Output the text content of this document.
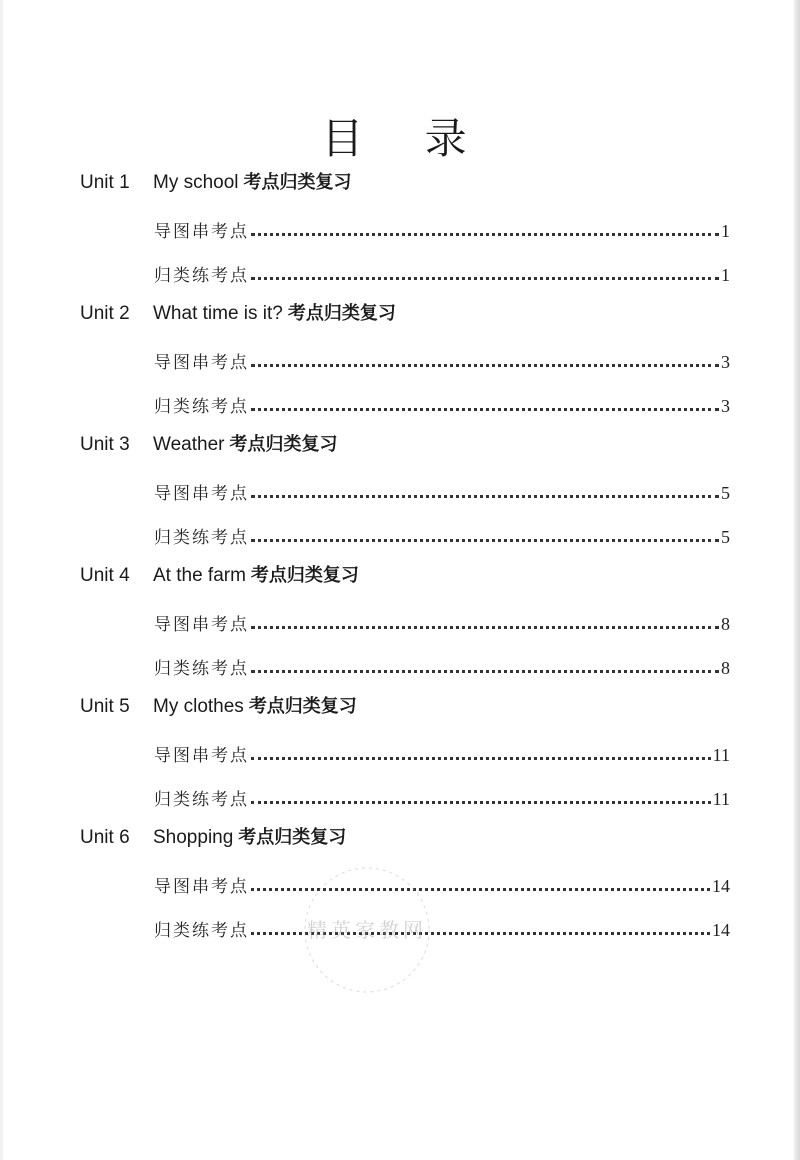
目 录
Unit 1 My school 考点归类复习
导图串考点	1
归类练考点	1
Unit 2 What time is it? 考点归类复习
导图串考点	3
归类练考点	3
Unit 3 Weather 考点归类复习
导图串考点	5
归类练考点	5
Unit 4 At the farm 考点归类复习
导图串考点	8
归类练考点	8
Unit 5 My clothes 考点归类复习
导图串考点	11
归类练考点	11
Unit 6 Shopping 考点归类复习
导图串考点	14
归类练考点	14
精英家教网
